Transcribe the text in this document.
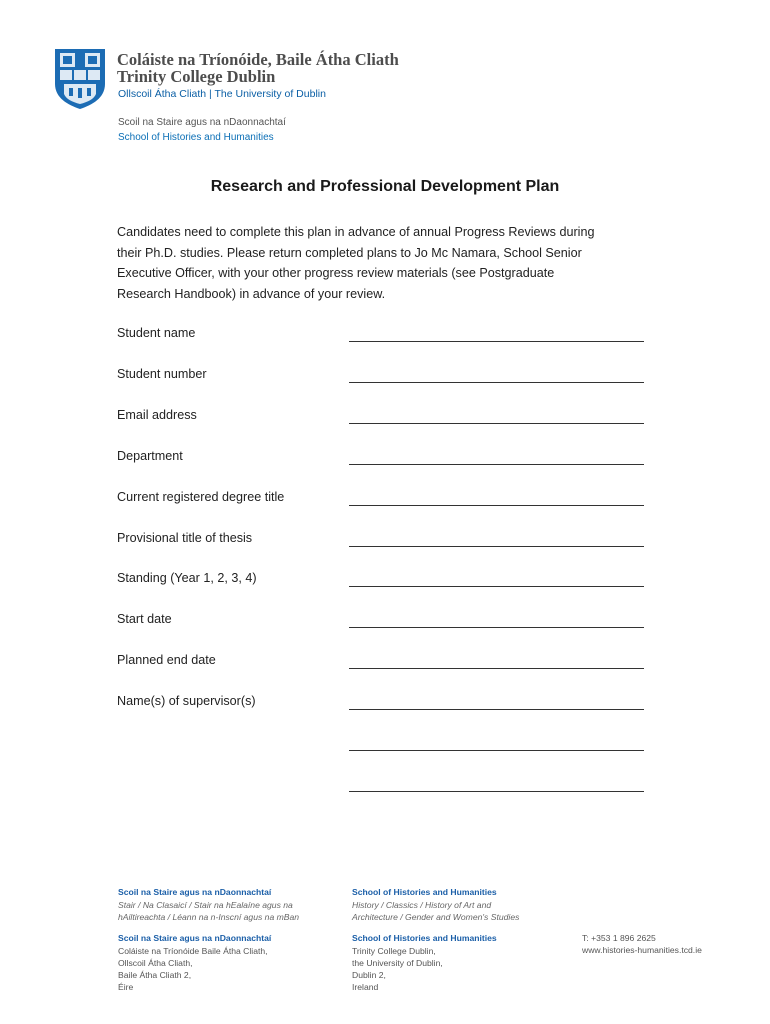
Coláiste na Tríonóide, Baile Átha Cliath
Trinity College Dublin
Ollscoil Átha Cliath | The University of Dublin
Scoil na Staire agus na nDaonnachtaí
School of Histories and Humanities
Research and Professional Development Plan
Candidates need to complete this plan in advance of annual Progress Reviews during
their Ph.D. studies. Please return completed plans to Jo Mc Namara, School Senior
Executive Officer, with your other progress review materials (see Postgraduate
Research Handbook) in advance of your review.
Student name
Student number
Email address
Department
Current registered degree title
Provisional title of thesis
Standing (Year 1, 2, 3, 4)
Start date
Planned end date
Name(s) of supervisor(s)
Scoil na Staire agus na nDaonnachtaí
Stair / Na Clasaicí / Stair na hEalaíne agus na
hAiltireachta / Léann na n-Inscní agus na mBan
Scoil na Staire agus na nDaonnachtaí
Coláiste na Tríonóide Baile Átha Cliath,
Ollscoil Átha Cliath,
Baile Átha Cliath 2,
Éire
School of Histories and Humanities
History / Classics / History of Art and
Architecture / Gender and Women's Studies
School of Histories and Humanities
Trinity College Dublin,
the University of Dublin,
Dublin 2,
Ireland
T: +353 1 896 2625
www.histories-humanities.tcd.ie
